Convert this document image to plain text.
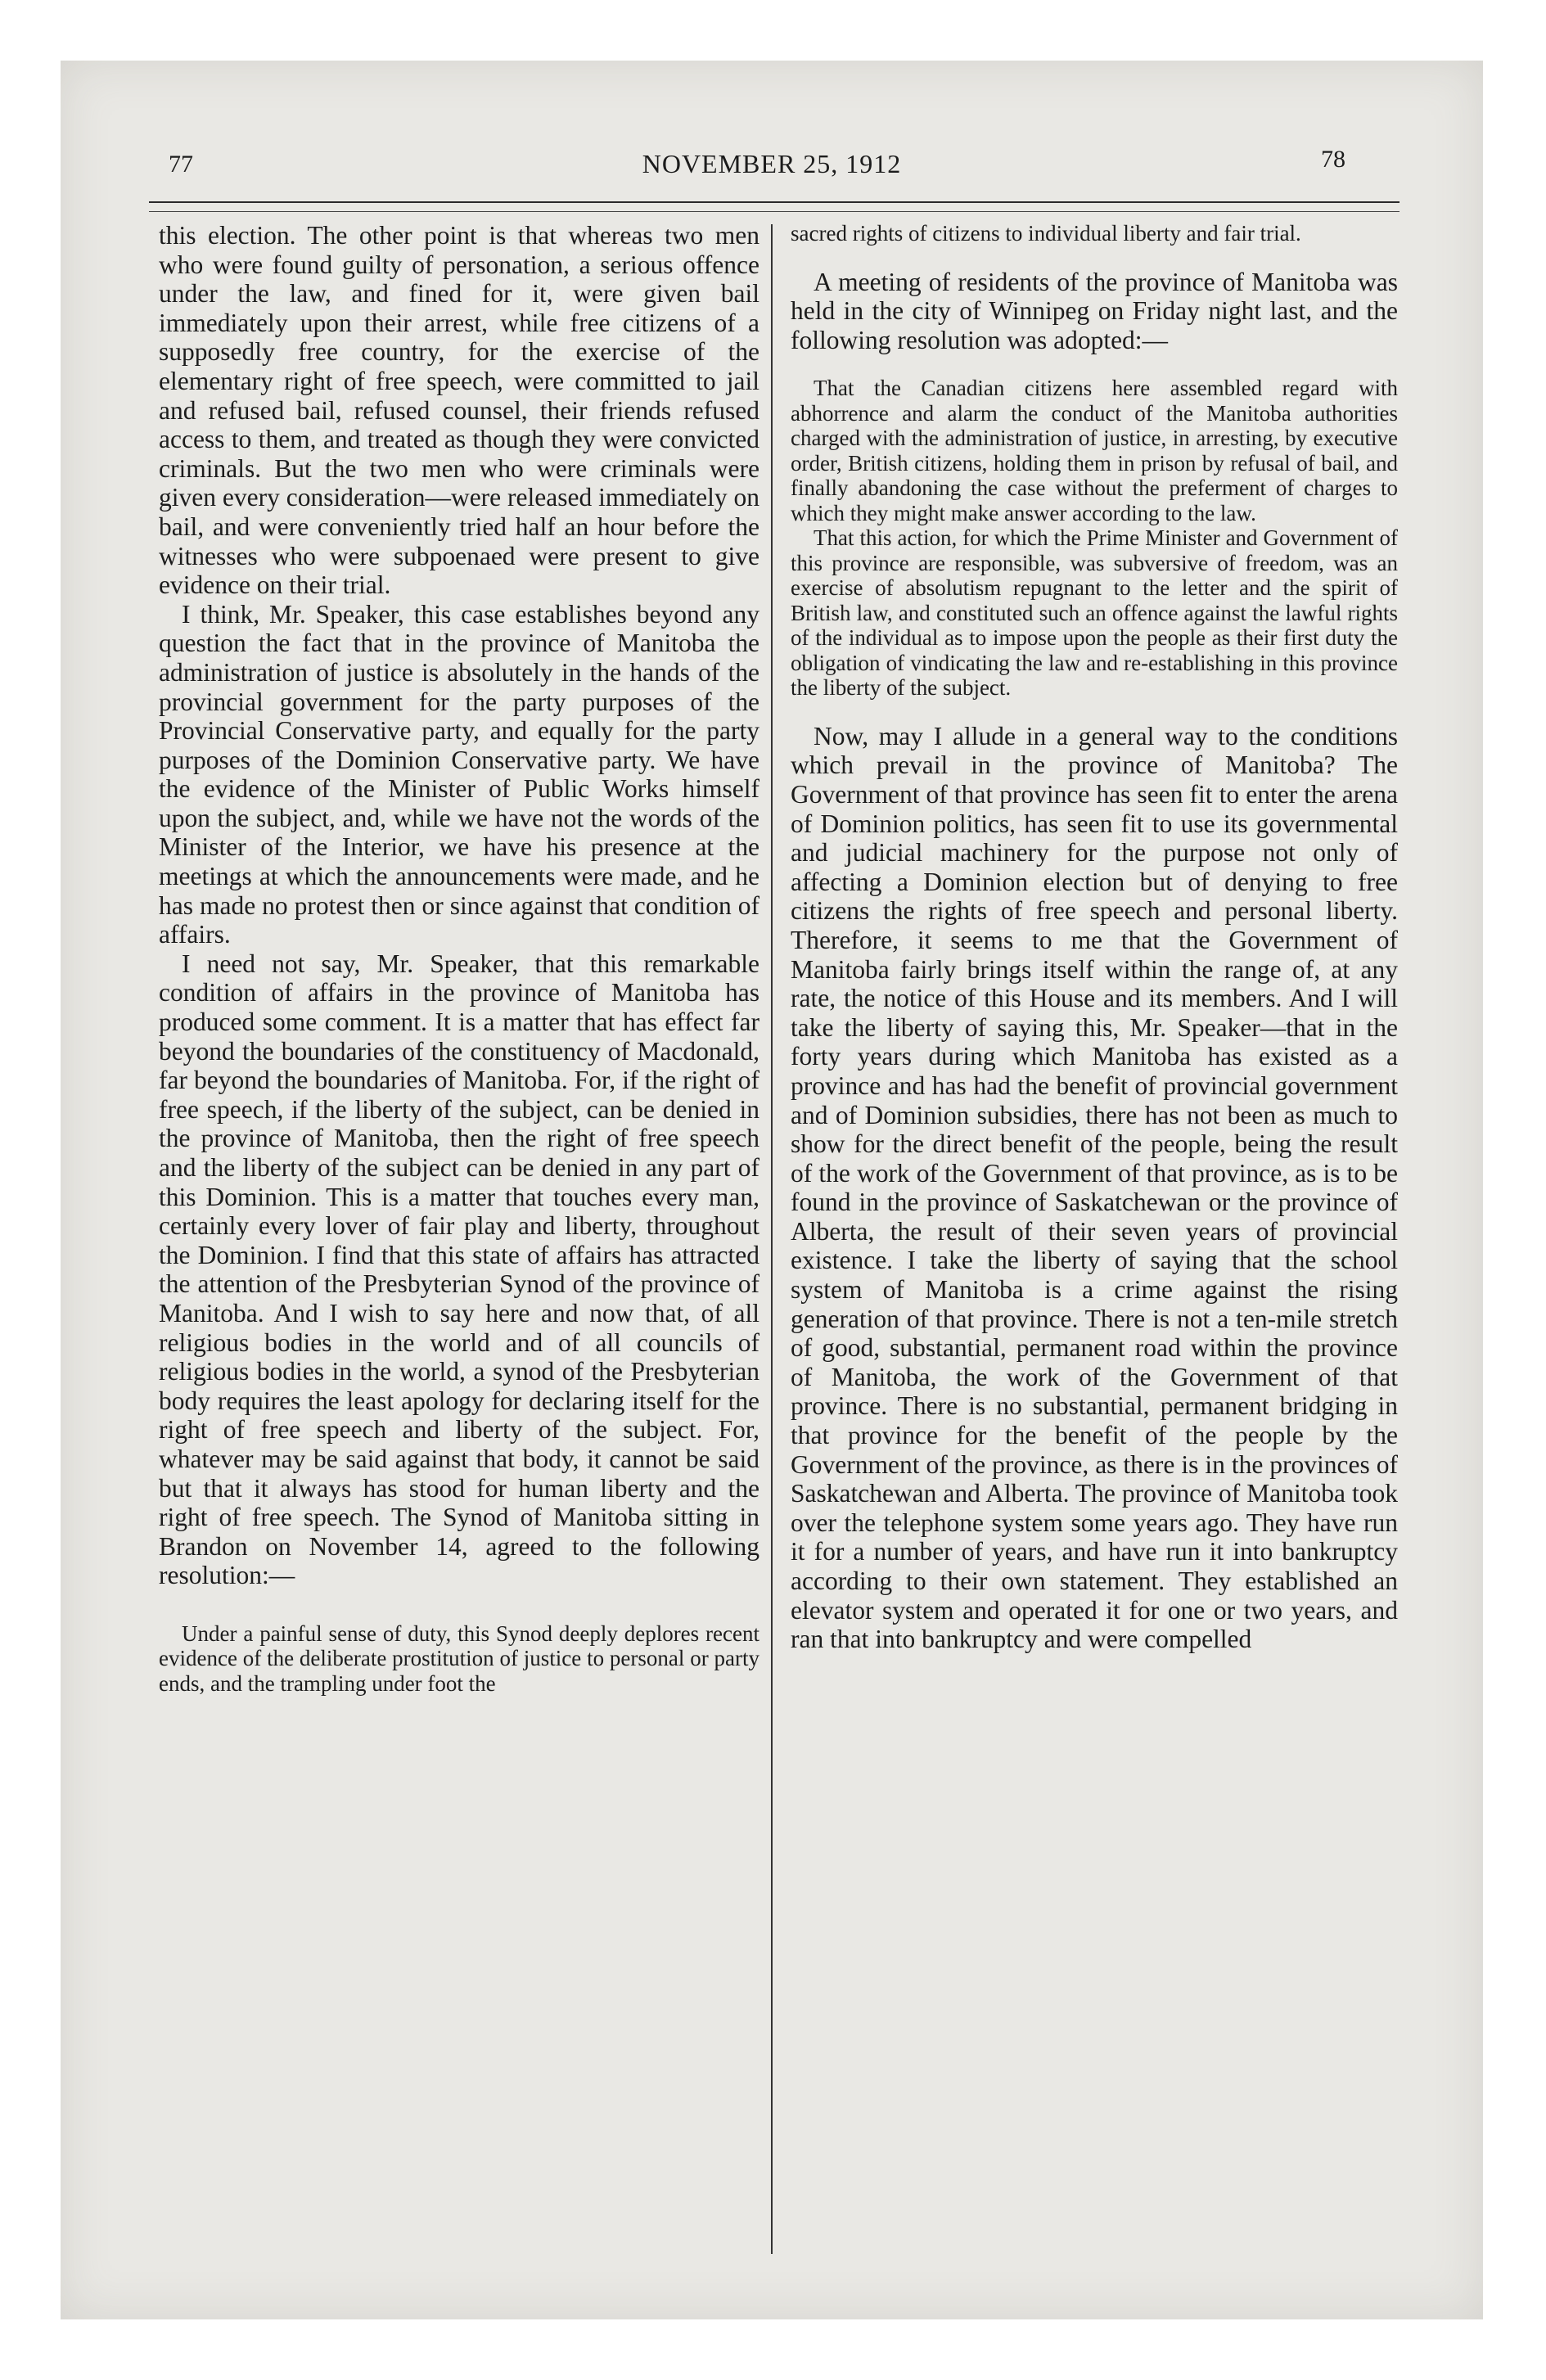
77	NOVEMBER 25, 1912	78

this election. The other point is that whereas two men who were found guilty of personation, a serious offence under the law, and fined for it, were given bail immediately upon their arrest, while free citizens of a supposedly free country, for the exercise of the elementary right of free speech, were committed to jail and refused bail, refused counsel, their friends refused access to them, and treated as though they were convicted criminals. But the two men who were criminals were given every consideration—were released immediately on bail, and were conveniently tried half an hour before the witnesses who were subpoenaed were present to give evidence on their trial.

I think, Mr. Speaker, this case establishes beyond any question the fact that in the province of Manitoba the administration of justice is absolutely in the hands of the provincial government for the party purposes of the Provincial Conservative party, and equally for the party purposes of the Dominion Conservative party. We have the evidence of the Minister of Public Works himself upon the subject, and, while we have not the words of the Minister of the Interior, we have his presence at the meetings at which the announcements were made, and he has made no protest then or since against that condition of affairs.

I need not say, Mr. Speaker, that this remarkable condition of affairs in the province of Manitoba has produced some comment. It is a matter that has effect far beyond the boundaries of the constituency of Macdonald, far beyond the boundaries of Manitoba. For, if the right of free speech, if the liberty of the subject, can be denied in the province of Manitoba, then the right of free speech and the liberty of the subject can be denied in any part of this Dominion. This is a matter that touches every man, certainly every lover of fair play and liberty, throughout the Dominion. I find that this state of affairs has attracted the attention of the Presbyterian Synod of the province of Manitoba. And I wish to say here and now that, of all religious bodies in the world and of all councils of religious bodies in the world, a synod of the Presbyterian body requires the least apology for declaring itself for the right of free speech and liberty of the subject. For, whatever may be said against that body, it cannot be said but that it always has stood for human liberty and the right of free speech. The Synod of Manitoba sitting in Brandon on November 14, agreed to the following resolution:—

Under a painful sense of duty, this Synod deeply deplores recent evidence of the deliberate prostitution of justice to personal or party ends, and the trampling under foot the

sacred rights of citizens to individual liberty and fair trial.

A meeting of residents of the province of Manitoba was held in the city of Winnipeg on Friday night last, and the following resolution was adopted:—

That the Canadian citizens here assembled regard with abhorrence and alarm the conduct of the Manitoba authorities charged with the administration of justice, in arresting, by executive order, British citizens, holding them in prison by refusal of bail, and finally abandoning the case without the preferment of charges to which they might make answer according to the law.

That this action, for which the Prime Minister and Government of this province are responsible, was subversive of freedom, was an exercise of absolutism repugnant to the letter and the spirit of British law, and constituted such an offence against the lawful rights of the individual as to impose upon the people as their first duty the obligation of vindicating the law and re-establishing in this province the liberty of the subject.

Now, may I allude in a general way to the conditions which prevail in the province of Manitoba? The Government of that province has seen fit to enter the arena of Dominion politics, has seen fit to use its governmental and judicial machinery for the purpose not only of affecting a Dominion election but of denying to free citizens the rights of free speech and personal liberty. Therefore, it seems to me that the Government of Manitoba fairly brings itself within the range of, at any rate, the notice of this House and its members. And I will take the liberty of saying this, Mr. Speaker—that in the forty years during which Manitoba has existed as a province and has had the benefit of provincial government and of Dominion subsidies, there has not been as much to show for the direct benefit of the people, being the result of the work of the Government of that province, as is to be found in the province of Saskatchewan or the province of Alberta, the result of their seven years of provincial existence. I take the liberty of saying that the school system of Manitoba is a crime against the rising generation of that province. There is not a ten-mile stretch of good, substantial, permanent road within the province of Manitoba, the work of the Government of that province. There is no substantial, permanent bridging in that province for the benefit of the people by the Government of the province, as there is in the provinces of Saskatchewan and Alberta. The province of Manitoba took over the telephone system some years ago. They have run it for a number of years, and have run it into bankruptcy according to their own statement. They established an elevator system and operated it for one or two years, and ran that into bankruptcy and were compelled
